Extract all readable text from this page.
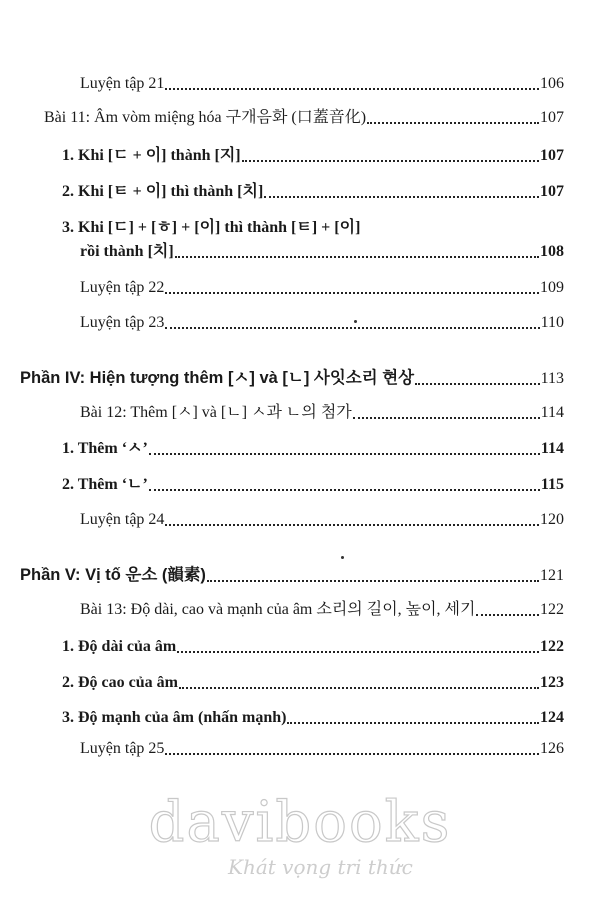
Luyện tập 21	106
Bài 11: Âm vòm miệng hóa 구개음화 (口蓋音化)	107
1. Khi [ㄷ + 이] thành [지]	107
2. Khi [ㅌ + 이] thì thành [치]	107
3. Khi [ㄷ] + [ㅎ] + [이] thì thành [ㅌ] + [이]
rồi thành [치]	108
Luyện tập 22	109
Luyện tập 23	110
Phần IV: Hiện tượng thêm [ㅅ] và [ㄴ] 사잇소리 현상	113
Bài 12: Thêm [ㅅ] và [ㄴ] ㅅ과 ㄴ의 첨가	114
1. Thêm ‘ㅅ’	114
2. Thêm ‘ㄴ’	115
Luyện tập 24	120
Phần V: Vị tố 운소 (韻素)	121
Bài 13: Độ dài, cao và mạnh của âm 소리의 길이, 높이, 세기	122
1. Độ dài của âm	122
2. Độ cao của âm	123
3. Độ mạnh của âm (nhấn mạnh)	124
Luyện tập 25	126
davibooks
Khát vọng tri thức
